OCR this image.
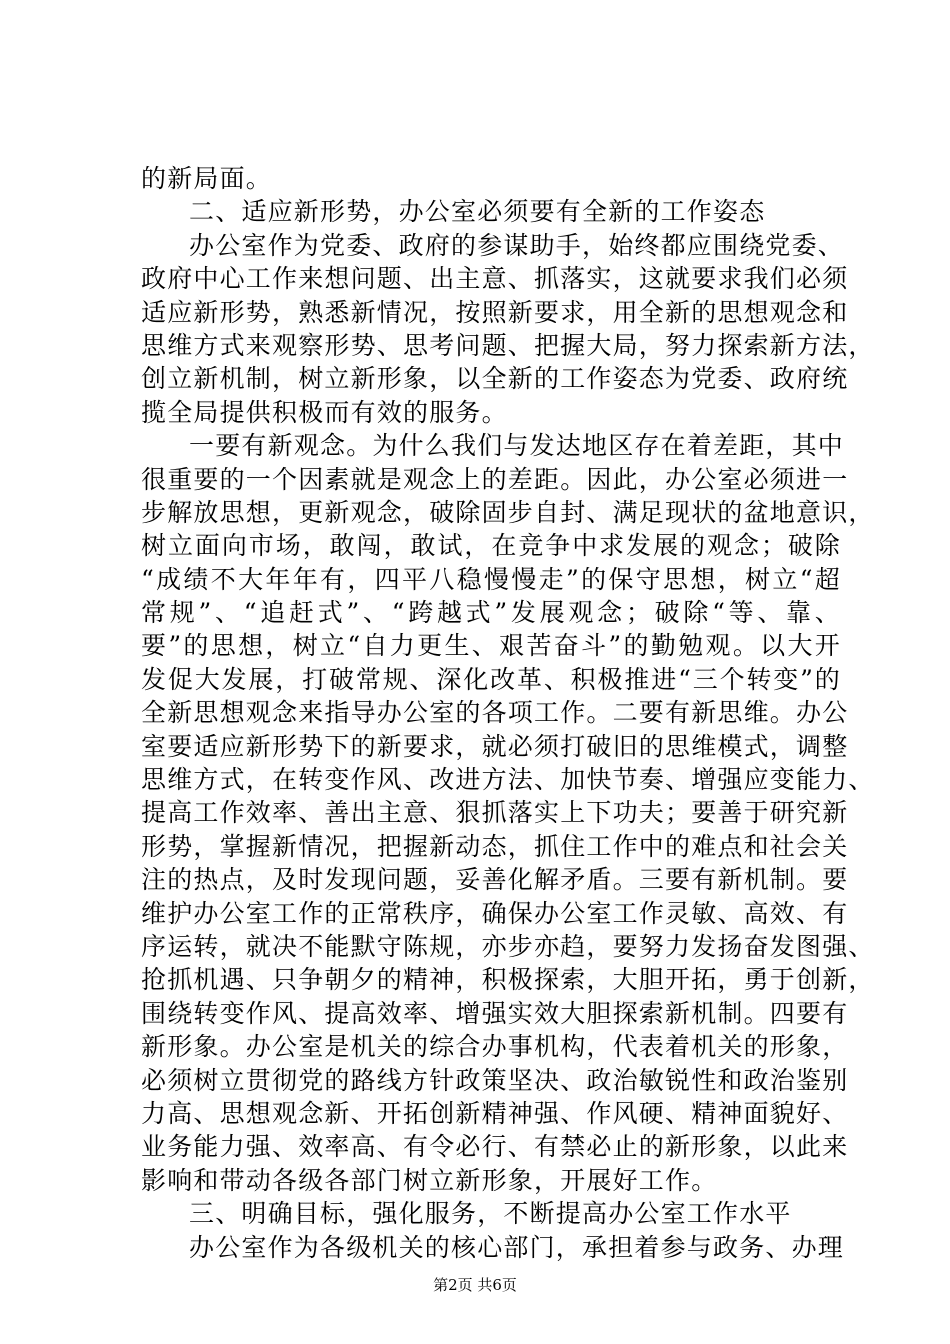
的新局面。
二、适应新形势，办公室必须要有全新的工作姿态
办公室作为党委、政府的参谋助手，始终都应围绕党委、
政府中心工作来想问题、出主意、抓落实，这就要求我们必须
适应新形势，熟悉新情况，按照新要求，用全新的思想观念和
思维方式来观察形势、思考问题、把握大局，努力探索新方法，
创立新机制，树立新形象，以全新的工作姿态为党委、政府统
揽全局提供积极而有效的服务。
一要有新观念。为什么我们与发达地区存在着差距，其中
很重要的一个因素就是观念上的差距。因此，办公室必须进一
步解放思想，更新观念，破除固步自封、满足现状的盆地意识，
树立面向市场，敢闯，敢试，在竞争中求发展的观念；破除
“成绩不大年年有，四平八稳慢慢走”的保守思想，树立“超
常规”、“追赶式”、“跨越式”发展观念；破除“等、靠、
要”的思想，树立“自力更生、艰苦奋斗”的勤勉观。以大开
发促大发展，打破常规、深化改革、积极推进“三个转变”的
全新思想观念来指导办公室的各项工作。二要有新思维。办公
室要适应新形势下的新要求，就必须打破旧的思维模式，调整
思维方式，在转变作风、改进方法、加快节奏、增强应变能力、
提高工作效率、善出主意、狠抓落实上下功夫；要善于研究新
形势，掌握新情况，把握新动态，抓住工作中的难点和社会关
注的热点，及时发现问题，妥善化解矛盾。三要有新机制。要
维护办公室工作的正常秩序，确保办公室工作灵敏、高效、有
序运转，就决不能默守陈规，亦步亦趋，要努力发扬奋发图强、
抢抓机遇、只争朝夕的精神，积极探索，大胆开拓，勇于创新，
围绕转变作风、提高效率、增强实效大胆探索新机制。四要有
新形象。办公室是机关的综合办事机构，代表着机关的形象，
必须树立贯彻党的路线方针政策坚决、政治敏锐性和政治鉴别
力高、思想观念新、开拓创新精神强、作风硬、精神面貌好、
业务能力强、效率高、有令必行、有禁必止的新形象，以此来
影响和带动各级各部门树立新形象，开展好工作。
三、明确目标，强化服务，不断提高办公室工作水平
办公室作为各级机关的核心部门，承担着参与政务、办理
第2页 共6页
